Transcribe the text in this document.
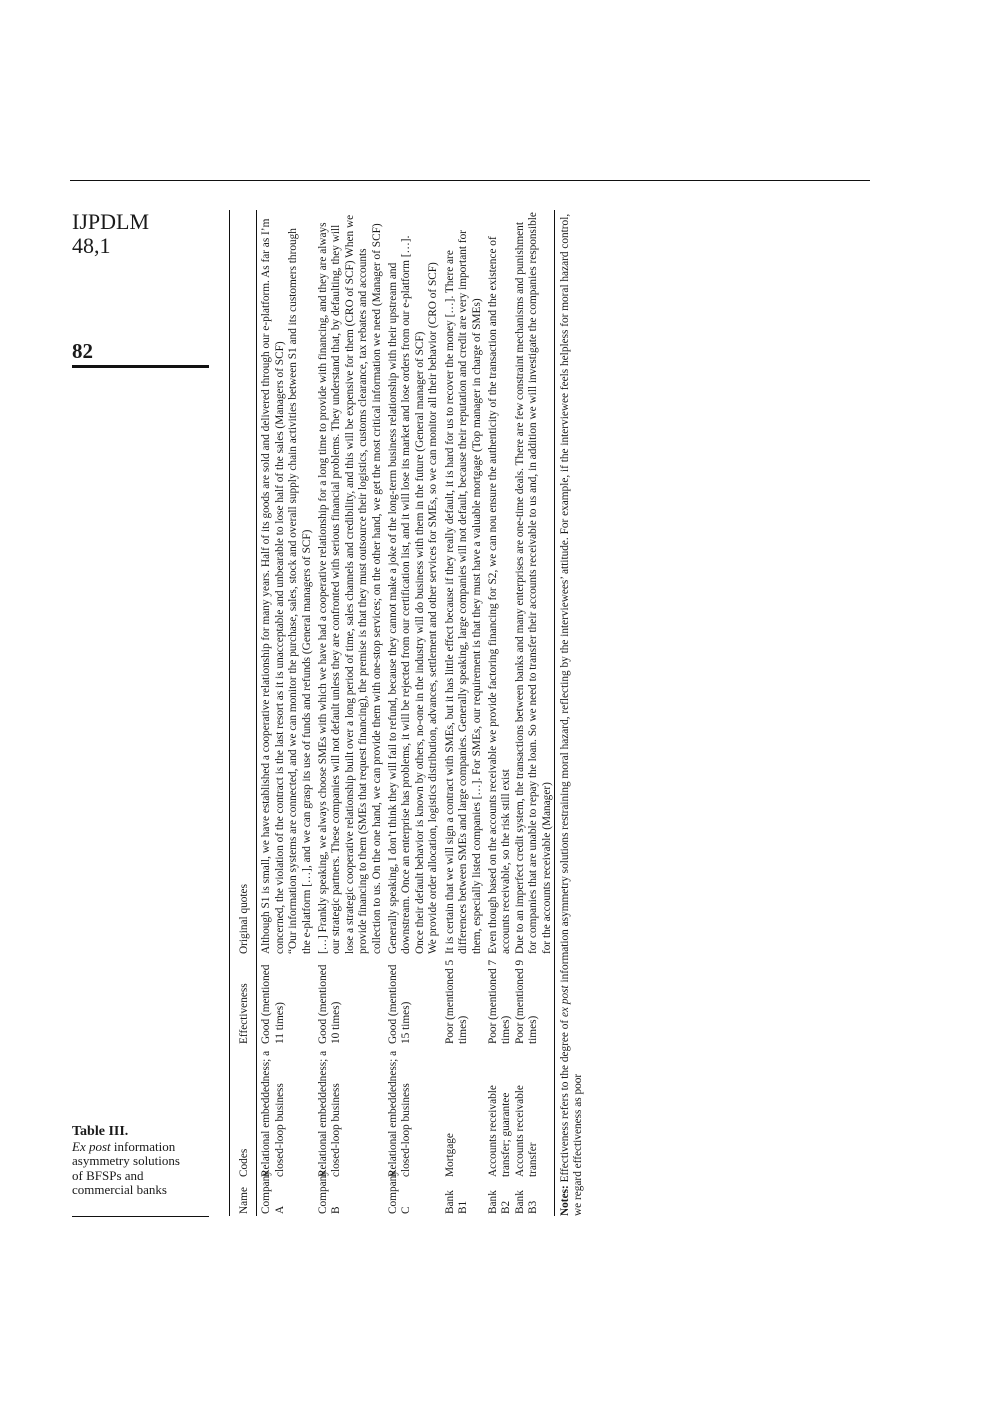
IJPDLM
48,1
82
Table III.
Ex post information
asymmetry solutions
of BFSPs and
commercial banks	Name	Codes	Effectiveness	Original quotes
Company A	Relational embeddedness; a closed-loop business	Good (mentioned 11 times)	Although S1 is small, we have established a cooperative relationship for many years. Half of its goods are sold and delivered through our e-platform. As far as I’m concerned, the violation of the contract is the last resort as it is unacceptable and unbearable to lose half of the sales (Managers of SCF) “Our information systems are connected, and we can monitor the purchase, sales, stock and overall supply chain activities between S1 and its customers through the e-platform […], and we can grasp its use of funds and refunds (General managers of SCF)

Company B	Relational embeddedness; a closed-loop business	Good (mentioned 10 times)	[…] Frankly speaking, we always choose SMEs with which we have had a cooperative relationship for a long time to provide with financing, and they are always our strategic partners. These companies will not default unless they are confronted with serious financial problems. They understand that, by defaulting, they will lose a strategic cooperative relationship built over a long period of time, sales channels and credibility, and this will be expensive for them (CRO of SCF) When we provide financing to them (SMEs that request financing), the premise is that they must outsource their logistics, customs clearance, tax rebates and accounts collection to us. On the one hand, we can provide them with one-stop services; on the other hand, we get the most critical information we need (Manager of SCF)

Company C	Relational embeddedness; a closed-loop business	Good (mentioned 15 times)	Generally speaking, I don’t think they will fail to refund, because they cannot make a joke of the long-term business relationship with their upstream and downstream. Once an enterprise has problems, it will be rejected from our certification list, and it will lose its market and lose orders from our e-platform […]. Once their default behavior is known by others, no-one in the industry will do business with them in the future (General manager of SCF) We provide order allocation, logistics distribution, advances, settlement and other services for SMEs, so we can monitor all their behavior (CRO of SCF)

Bank B1	Mortgage	Poor (mentioned 5 times)	It is certain that we will sign a contract with SMEs, but it has little effect because if they really default, it is hard for us to recover the money […]. There are differences between SMEs and large companies. Generally speaking, large companies will not default, because their reputation and credit are very important for them, especially listed companies […]. For SMEs, our requirement is that they must have a valuable mortgage (Top manager in charge of SMEs)

Bank B2	Accounts receivable transfer; guarantee	Poor (mentioned 7 times)	Even though based on the accounts receivable we provide factoring financing for S2, we can nou ensure the authenticity of the transaction and the existence of accounts receivable, so the risk still exist

Bank B3	Accounts receivable transfer	Poor (mentioned 9 times)	Due to an imperfect credit system, the transactions between banks and many enterprises are one-time deals. There are few constraint mechanisms and punishment for companies that are unable to repay the loan. So we need to transfer their accounts receivable to us and, in addition we will investigate the companies responsible for the accounts receivable (Manager)

Notes: Effectiveness refers to the degree of ex post information asymmetry solutions restraining moral hazard, reflecting by the interviewees’ attitude. For example, if the interviewee feels helpless for moral hazard control, we regard effectiveness as poor
